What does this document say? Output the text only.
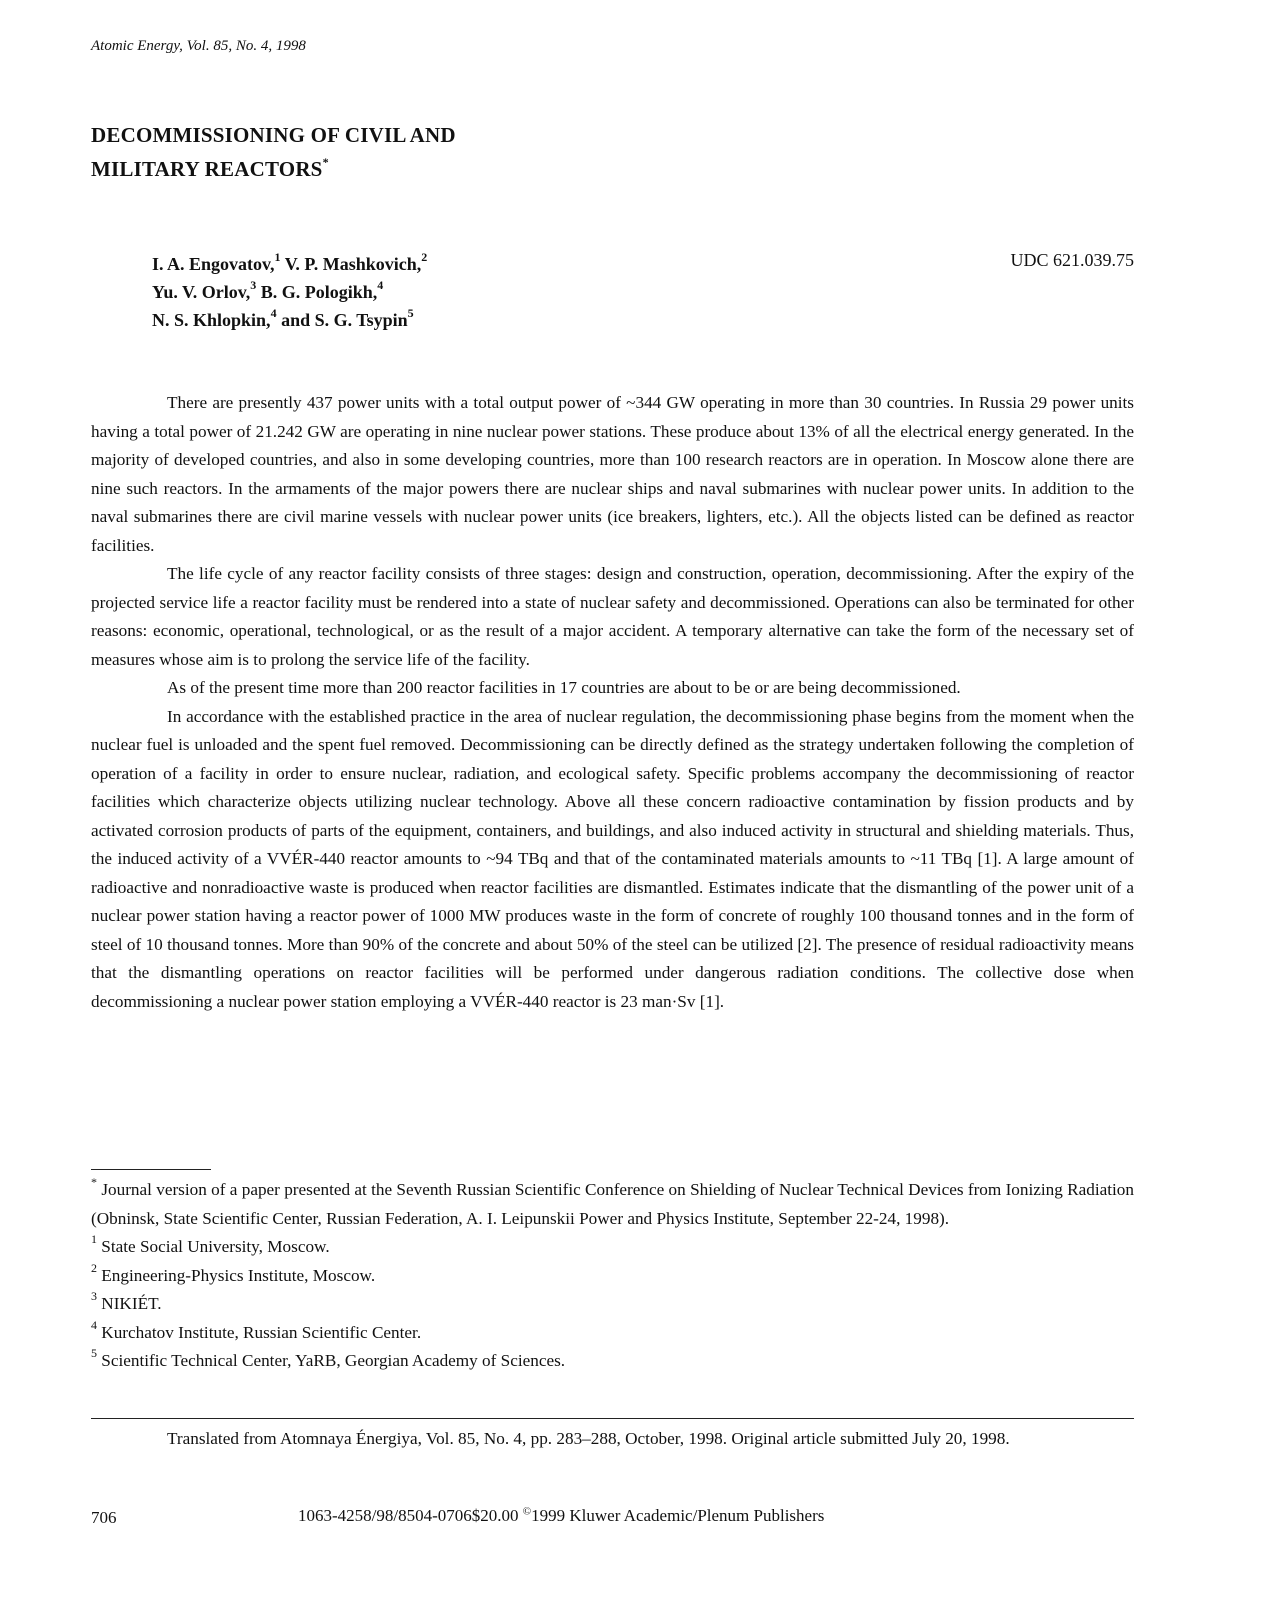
Atomic Energy, Vol. 85, No. 4, 1998
DECOMMISSIONING OF CIVIL AND
MILITARY REACTORS*
I. A. Engovatov,$^1$ V. P. Mashkovich,$^2$
Yu. V. Orlov,$^3$ B. G. Pologikh,$^4$
N. S. Khlopkin,$^4$ and S. G. Tsypin$^5$
UDC 621.039.75

There are presently 437 power units with a total output power of ~344 GW operating in more than 30 countries. In Russia 29 power units having a total power of 21.242 GW are operating in nine nuclear power stations. These produce about 13% of all the electrical energy generated. In the majority of developed countries, and also in some developing countries, more than 100 research reactors are in operation. In Moscow alone there are nine such reactors. In the armaments of the major powers there are nuclear ships and naval submarines with nuclear power units. In addition to the naval submarines there are civil marine vessels with nuclear power units (ice breakers, lighters, etc.). All the objects listed can be defined as reactor facilities.

The life cycle of any reactor facility consists of three stages: design and construction, operation, decommissioning. After the expiry of the projected service life a reactor facility must be rendered into a state of nuclear safety and decommissioned. Operations can also be terminated for other reasons: economic, operational, technological, or as the result of a major accident. A temporary alternative can take the form of the necessary set of measures whose aim is to prolong the service life of the facility.

As of the present time more than 200 reactor facilities in 17 countries are about to be or are being decommissioned.

In accordance with the established practice in the area of nuclear regulation, the decommissioning phase begins from the moment when the nuclear fuel is unloaded and the spent fuel removed. Decommissioning can be directly defined as the strategy undertaken following the completion of operation of a facility in order to ensure nuclear, radiation, and ecological safety. Specific problems accompany the decommissioning of reactor facilities which characterize objects utilizing nuclear technology. Above all these concern radioactive contamination by fission products and by activated corrosion products of parts of the equipment, containers, and buildings, and also induced activity in structural and shielding materials. Thus, the induced activity of a VVÉR-440 reactor amounts to ~94 TBq and that of the contaminated materials amounts to ~11 TBq [1]. A large amount of radioactive and nonradioactive waste is produced when reactor facilities are dismantled. Estimates indicate that the dismantling of the power unit of a nuclear power station having a reactor power of 1000 MW produces waste in the form of concrete of roughly 100 thousand tonnes and in the form of steel of 10 thousand tonnes. More than 90% of the concrete and about 50% of the steel can be utilized [2]. The presence of residual radioactivity means that the dismantling operations on reactor facilities will be performed under dangerous radiation conditions. The collective dose when decommissioning a nuclear power station employing a VVÉR-440 reactor is 23 man·Sv [1].

* Journal version of a paper presented at the Seventh Russian Scientific Conference on Shielding of Nuclear Technical Devices from Ionizing Radiation (Obninsk, State Scientific Center, Russian Federation, A. I. Leipunskii Power and Physics Institute, September 22-24, 1998).

$^1$ State Social University, Moscow.

$^2$ Engineering-Physics Institute, Moscow.

$^3$ NIKIÉT.

$^4$ Kurchatov Institute, Russian Scientific Center.

$^5$ Scientific Technical Center, YaRB, Georgian Academy of Sciences.

Translated from Atomnaya Énergiya, Vol. 85, No. 4, pp. 283–288, October, 1998. Original article submitted July 20, 1998.
706	1063-4258/98/8504-0706$20.00 ©1999 Kluwer Academic/Plenum Publishers
